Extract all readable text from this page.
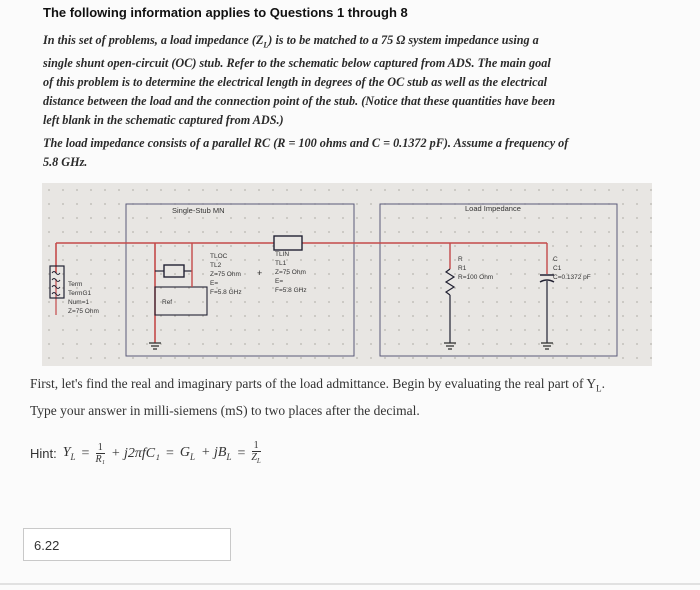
The following information applies to Questions 1 through 8
In this set of problems, a load impedance $(Z_L)$ is to be matched to a 75 Ω system impedance using a
single shunt open-circuit (OC) stub. Refer to the schematic below captured from ADS. The main goal
of this problem is to determine the electrical length in degrees of the OC stub as well as the electrical
distance between the load and the connection point of the stub. (Notice that these quantities have been
left blank in the schematic captured from ADS.)
The load impedance consists of a parallel RC (R = 100 ohms and C = 0.1372 pF). Assume a frequency of
5.8 GHz.
Single-Stub MN	Load Impedance
Term
TermG1
Num=1
Z=75 Ohm
Ref
TLOC
TL2
Z=75 Ohm
E=
F=5.8 GHz
+
TLIN
TL1
Z=75 Ohm
E=
F=5.8 GHz
R
R1
R=100 Ohm
C
C1
C=0.1372 pF
First, let's find the real and imaginary parts of the load admittance. Begin by evaluating the real part of $Y_L$.
Type your answer in milli-siemens (mS) to two places after the decimal.
Hint: $Y_L = \frac{1}{\text{R₁}} + j2\pi fC_1 = G_L + jB_L = \frac{1}{Z_L}$
6.22
